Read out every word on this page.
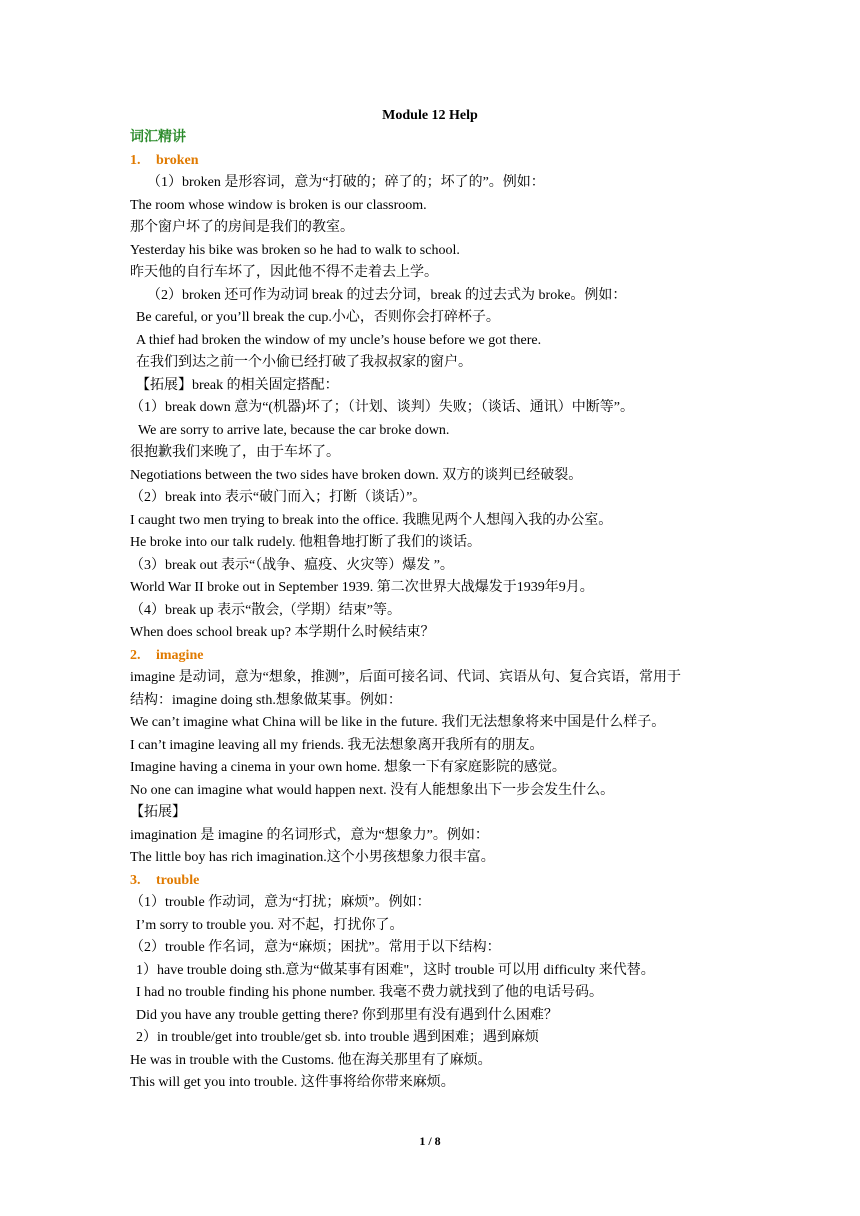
Module 12 Help
词汇精讲
1. broken
（1）broken 是形容词，意为“打破的；碎了的；坏了的”。例如：
The room whose window is broken is our classroom.
那个窗户坏了的房间是我们的教室。
Yesterday his bike was broken so he had to walk to school.
昨天他的自行车坏了，因此他不得不走着去上学。
（2）broken 还可作为动词 break 的过去分词，break 的过去式为 broke。例如：
Be careful, or you’ll break the cup.小心，否则你会打碎杯子。
A thief had broken the window of my uncle’s house before we got there.
在我们到达之前一个小偷已经打破了我叔叔家的窗户。
【拓展】break 的相关固定搭配：
（1）break down 意为“(机器)坏了；（计划、谈判）失败；（谈话、通讯）中断等”。
We are sorry to arrive late, because the car broke down.
很抱歉我们来晚了，由于车坏了。
Negotiations between the two sides have broken down. 双方的谈判已经破裂。
（2）break into 表示“破门而入；打断（谈话）”。
I caught two men trying to break into the office. 我瞧见两个人想闯入我的办公室。
He broke into our talk rudely. 他粗鲁地打断了我们的谈话。
（3）break out 表示“（战争、瘟疫、火灾等）爆发 ”。
World War II broke out in September 1939. 第二次世界大战爆发于1939年9月。
（4）break up 表示“散会,（学期）结束”等。
When does school break up? 本学期什么时候结束？
2. imagine
imagine 是动词，意为“想象，推测”，后面可接名词、代词、宾语从句、复合宾语，常用于
结构：imagine doing sth.想象做某事。例如：
We can’t imagine what China will be like in the future. 我们无法想象将来中国是什么样子。
I can’t imagine leaving all my friends. 我无法想象离开我所有的朋友。
Imagine having a cinema in your own home. 想象一下有家庭影院的感觉。
No one can imagine what would happen next. 没有人能想象出下一步会发生什么。
【拓展】
imagination 是 imagine 的名词形式，意为“想象力”。例如：
The little boy has rich imagination.这个小男孩想象力很丰富。
3. trouble
（1）trouble 作动词，意为“打扰；麻烦”。例如：
I’m sorry to trouble you. 对不起，打扰你了。
（2）trouble 作名词，意为“麻烦；困扰”。常用于以下结构：
1）have trouble doing sth.意为“做某事有困难"，这时 trouble 可以用 difficulty 来代替。
I had no trouble finding his phone number. 我毫不费力就找到了他的电话号码。
Did you have any trouble getting there? 你到那里有没有遇到什么困难？
2）in trouble/get into trouble/get sb. into trouble 遇到困难；遇到麻烦
He was in trouble with the Customs. 他在海关那里有了麻烦。
This will get you into trouble. 这件事将给你带来麻烦。
1 / 8
